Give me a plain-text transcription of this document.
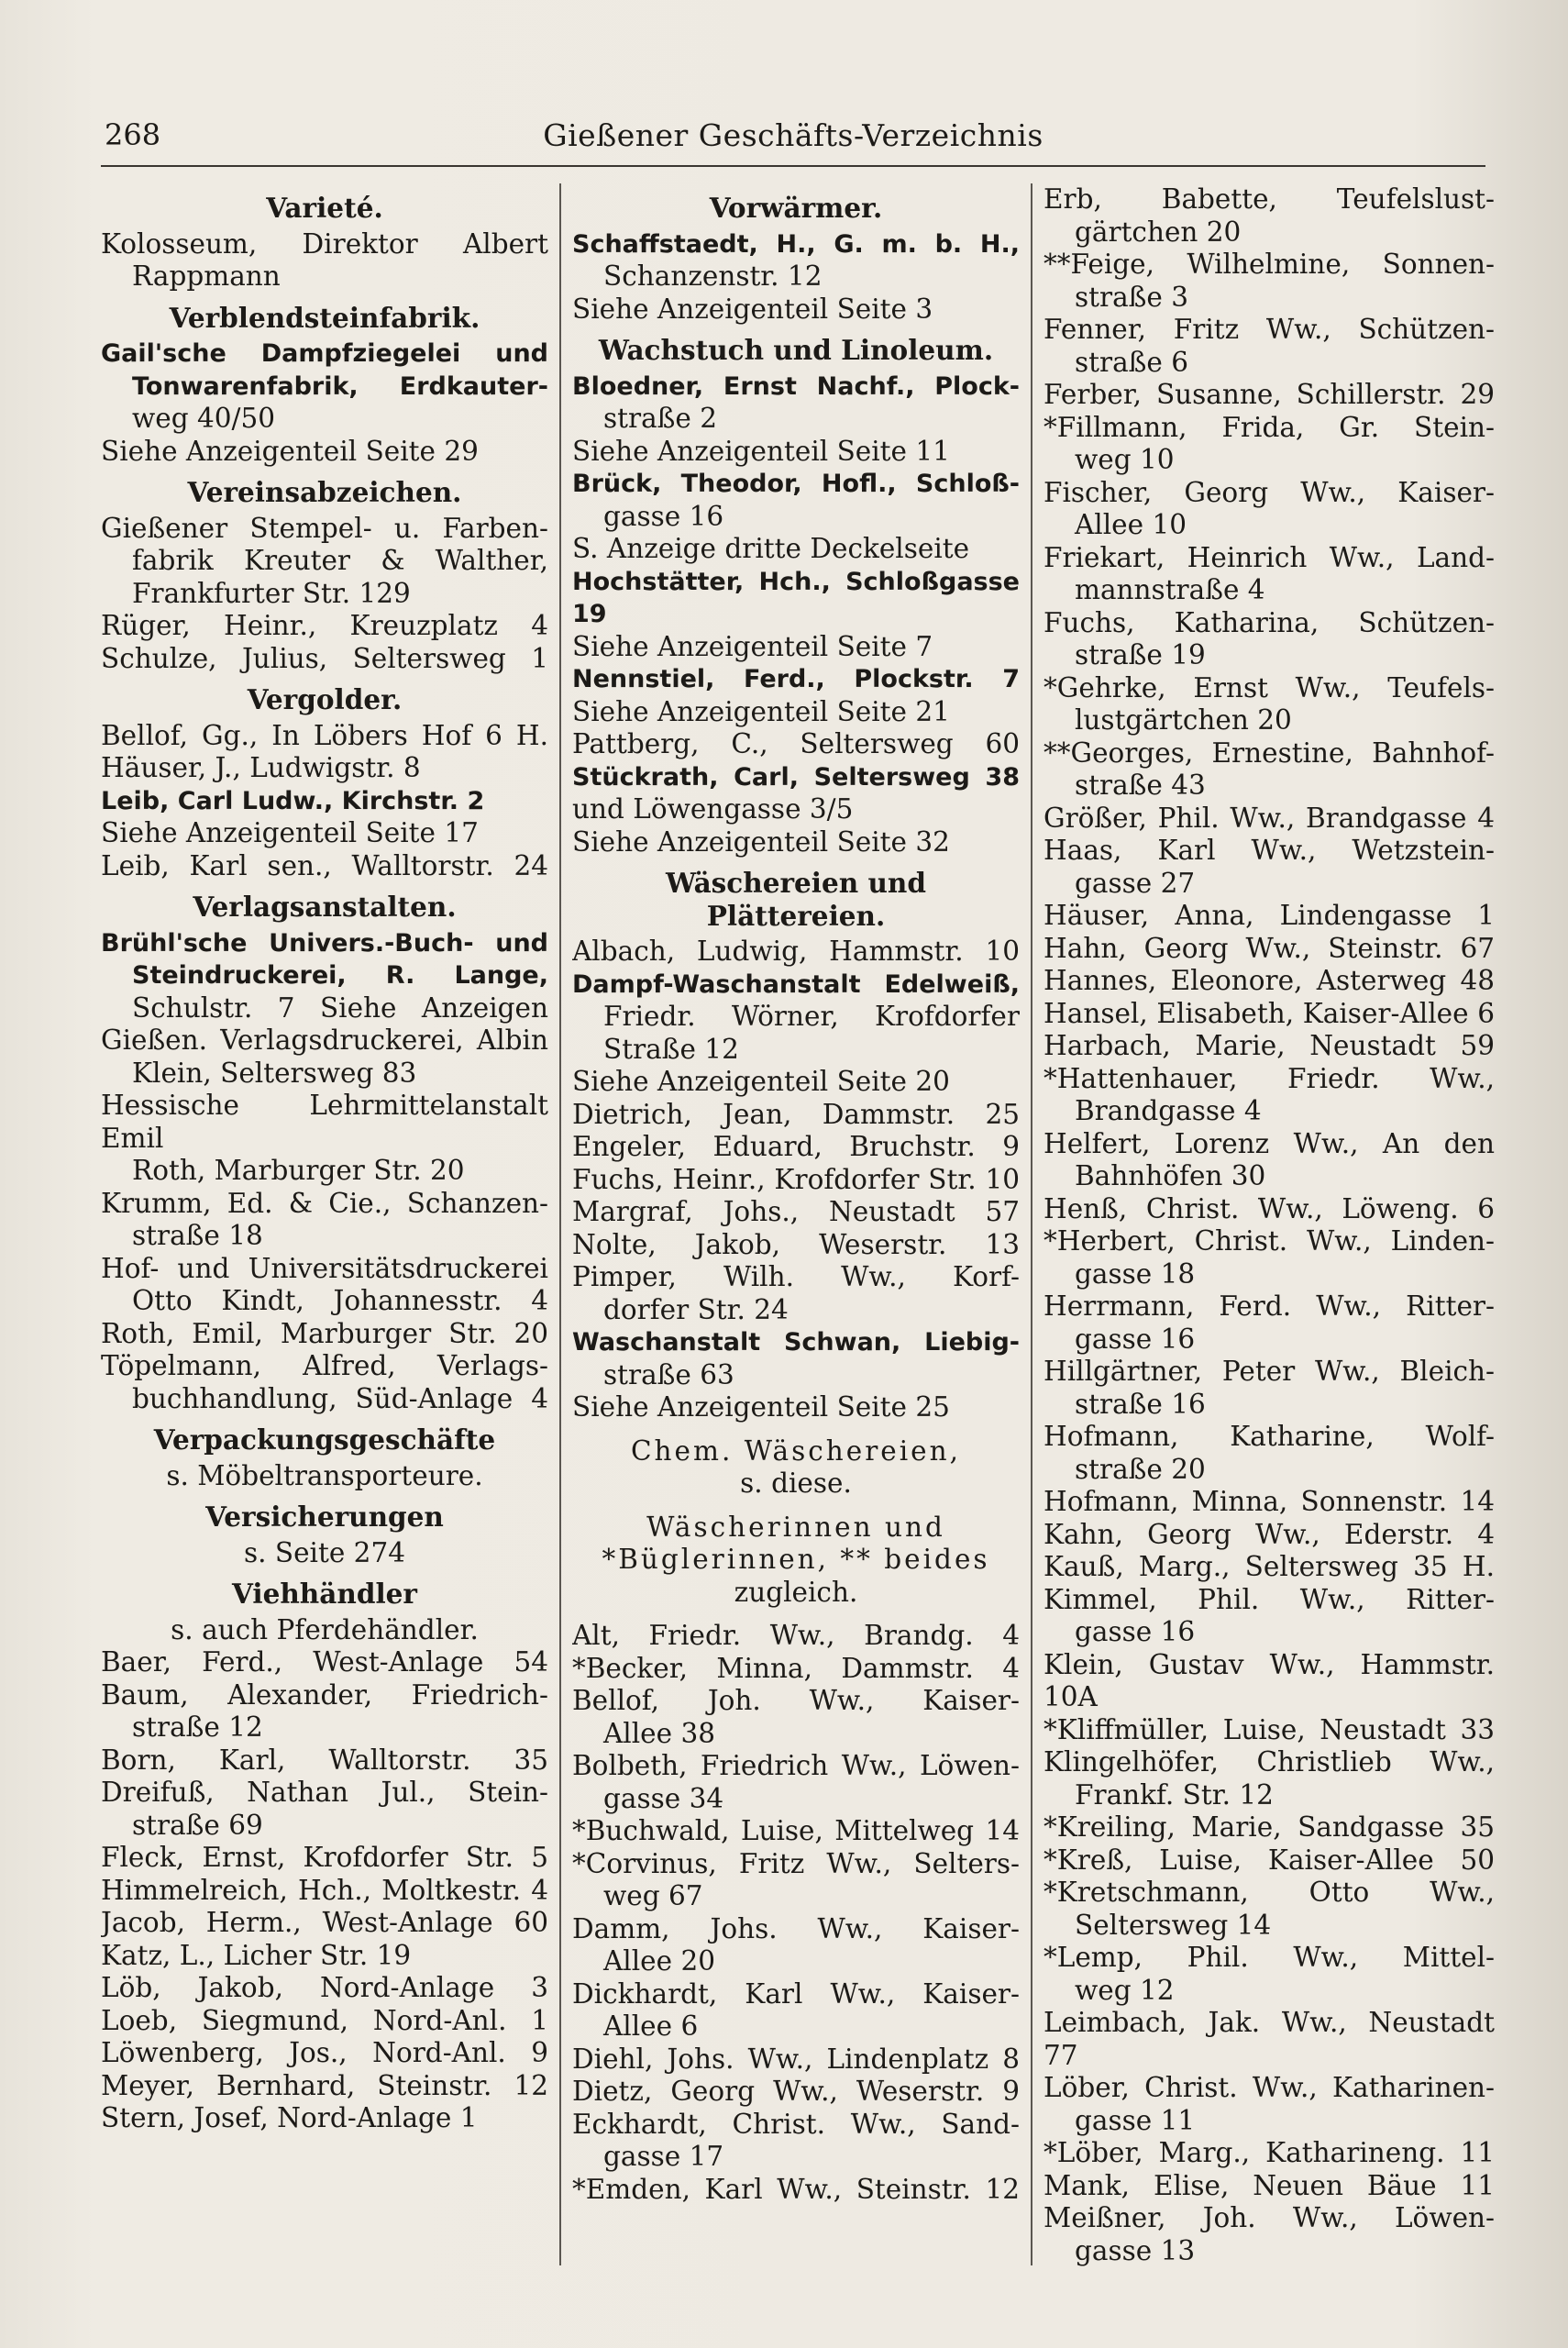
268	Gießener Geschäfts-Verzeichnis
Varieté.
Kolosseum, Direktor Albert
Rappmann
Verblendsteinfabrik.
Gail'sche Dampfziegelei und
Tonwarenfabrik, Erdkauter-
weg 40/50
Siehe Anzeigenteil Seite 29
Vereinsabzeichen.
Gießener Stempel- u. Farben-
fabrik Kreuter & Walther,
Frankfurter Str. 129
Rüger, Heinr., Kreuzplatz 4
Schulze, Julius, Seltersweg 1
Vergolder.
Bellof, Gg., In Löbers Hof 6 H.
Häuser, J., Ludwigstr. 8
Leib, Carl Ludw., Kirchstr. 2
Siehe Anzeigenteil Seite 17
Leib, Karl sen., Walltorstr. 24
Verlagsanstalten.
Brühl'sche Univers.-Buch- und
Steindruckerei, R. Lange,
Schulstr. 7 Siehe Anzeigen
Gießen. Verlagsdruckerei, Albin
Klein, Seltersweg 83
Hessische Lehrmittelanstalt Emil
Roth, Marburger Str. 20
Krumm, Ed. & Cie., Schanzen-
straße 18
Hof- und Universitätsdruckerei
Otto Kindt, Johannesstr. 4
Roth, Emil, Marburger Str. 20
Töpelmann, Alfred, Verlags-
buchhandlung, Süd-Anlage 4
Verpackungsgeschäfte
s. Möbeltransporteure.
Versicherungen
s. Seite 274
Viehhändler
s. auch Pferdehändler.
Baer, Ferd., West-Anlage 54
Baum, Alexander, Friedrich-
straße 12
Born, Karl, Walltorstr. 35
Dreifuß, Nathan Jul., Stein-
straße 69
Fleck, Ernst, Krofdorfer Str. 5
Himmelreich, Hch., Moltkestr. 4
Jacob, Herm., West-Anlage 60
Katz, L., Licher Str. 19
Löb, Jakob, Nord-Anlage 3
Loeb, Siegmund, Nord-Anl. 1
Löwenberg, Jos., Nord-Anl. 9
Meyer, Bernhard, Steinstr. 12
Stern, Josef, Nord-Anlage 1
Vorwärmer.
Schaffstaedt, H., G. m. b. H.,
Schanzenstr. 12
Siehe Anzeigenteil Seite 3
Wachstuch und Linoleum.
Bloedner, Ernst Nachf., Plock-
straße 2
Siehe Anzeigenteil Seite 11
Brück, Theodor, Hofl., Schloß-
gasse 16
S. Anzeige dritte Deckelseite
Hochstätter, Hch., Schloßgasse 19
Siehe Anzeigenteil Seite 7
Nennstiel, Ferd., Plockstr. 7
Siehe Anzeigenteil Seite 21
Pattberg, C., Seltersweg 60
Stückrath, Carl, Seltersweg 38
und Löwengasse 3/5
Siehe Anzeigenteil Seite 32
Wäschereien und Plättereien.
Albach, Ludwig, Hammstr. 10
Dampf-Waschanstalt Edelweiß,
Friedr. Wörner, Krofdorfer
Straße 12
Siehe Anzeigenteil Seite 20
Dietrich, Jean, Dammstr. 25
Engeler, Eduard, Bruchstr. 9
Fuchs, Heinr., Krofdorfer Str. 10
Margraf, Johs., Neustadt 57
Nolte, Jakob, Weserstr. 13
Pimper, Wilh. Ww., Korf-
dorfer Str. 24
Waschanstalt Schwan, Liebig-
straße 63
Siehe Anzeigenteil Seite 25
Chem. Wäschereien,
s. diese.
Wäscherinnen und
*Büglerinnen, ** beides
zugleich.
Alt, Friedr. Ww., Brandg. 4
*Becker, Minna, Dammstr. 4
Bellof, Joh. Ww., Kaiser-
Allee 38
Bolbeth, Friedrich Ww., Löwen-
gasse 34
*Buchwald, Luise, Mittelweg 14
*Corvinus, Fritz Ww., Selters-
weg 67
Damm, Johs. Ww., Kaiser-
Allee 20
Dickhardt, Karl Ww., Kaiser-
Allee 6
Diehl, Johs. Ww., Lindenplatz 8
Dietz, Georg Ww., Weserstr. 9
Eckhardt, Christ. Ww., Sand-
gasse 17
*Emden, Karl Ww., Steinstr. 12
Erb, Babette, Teufelslust-
gärtchen 20
**Feige, Wilhelmine, Sonnen-
straße 3
Fenner, Fritz Ww., Schützen-
straße 6
Ferber, Susanne, Schillerstr. 29
*Fillmann, Frida, Gr. Stein-
weg 10
Fischer, Georg Ww., Kaiser-
Allee 10
Friekart, Heinrich Ww., Land-
mannstraße 4
Fuchs, Katharina, Schützen-
straße 19
*Gehrke, Ernst Ww., Teufels-
lustgärtchen 20
**Georges, Ernestine, Bahnhof-
straße 43
Größer, Phil. Ww., Brandgasse 4
Haas, Karl Ww., Wetzstein-
gasse 27
Häuser, Anna, Lindengasse 1
Hahn, Georg Ww., Steinstr. 67
Hannes, Eleonore, Asterweg 48
Hansel, Elisabeth, Kaiser-Allee 6
Harbach, Marie, Neustadt 59
*Hattenhauer, Friedr. Ww.,
Brandgasse 4
Helfert, Lorenz Ww., An den
Bahnhöfen 30
Henß, Christ. Ww., Löweng. 6
*Herbert, Christ. Ww., Linden-
gasse 18
Herrmann, Ferd. Ww., Ritter-
gasse 16
Hillgärtner, Peter Ww., Bleich-
straße 16
Hofmann, Katharine, Wolf-
straße 20
Hofmann, Minna, Sonnenstr. 14
Kahn, Georg Ww., Ederstr. 4
Kauß, Marg., Seltersweg 35 H.
Kimmel, Phil. Ww., Ritter-
gasse 16
Klein, Gustav Ww., Hammstr. 10A
*Kliffmüller, Luise, Neustadt 33
Klingelhöfer, Christlieb Ww.,
Frankf. Str. 12
*Kreiling, Marie, Sandgasse 35
*Kreß, Luise, Kaiser-Allee 50
*Kretschmann, Otto Ww.,
Seltersweg 14
*Lemp, Phil. Ww., Mittel-
weg 12
Leimbach, Jak. Ww., Neustadt 77
Löber, Christ. Ww., Katharinen-
gasse 11
*Löber, Marg., Katharineng. 11
Mank, Elise, Neuen Bäue 11
Meißner, Joh. Ww., Löwen-
gasse 13
